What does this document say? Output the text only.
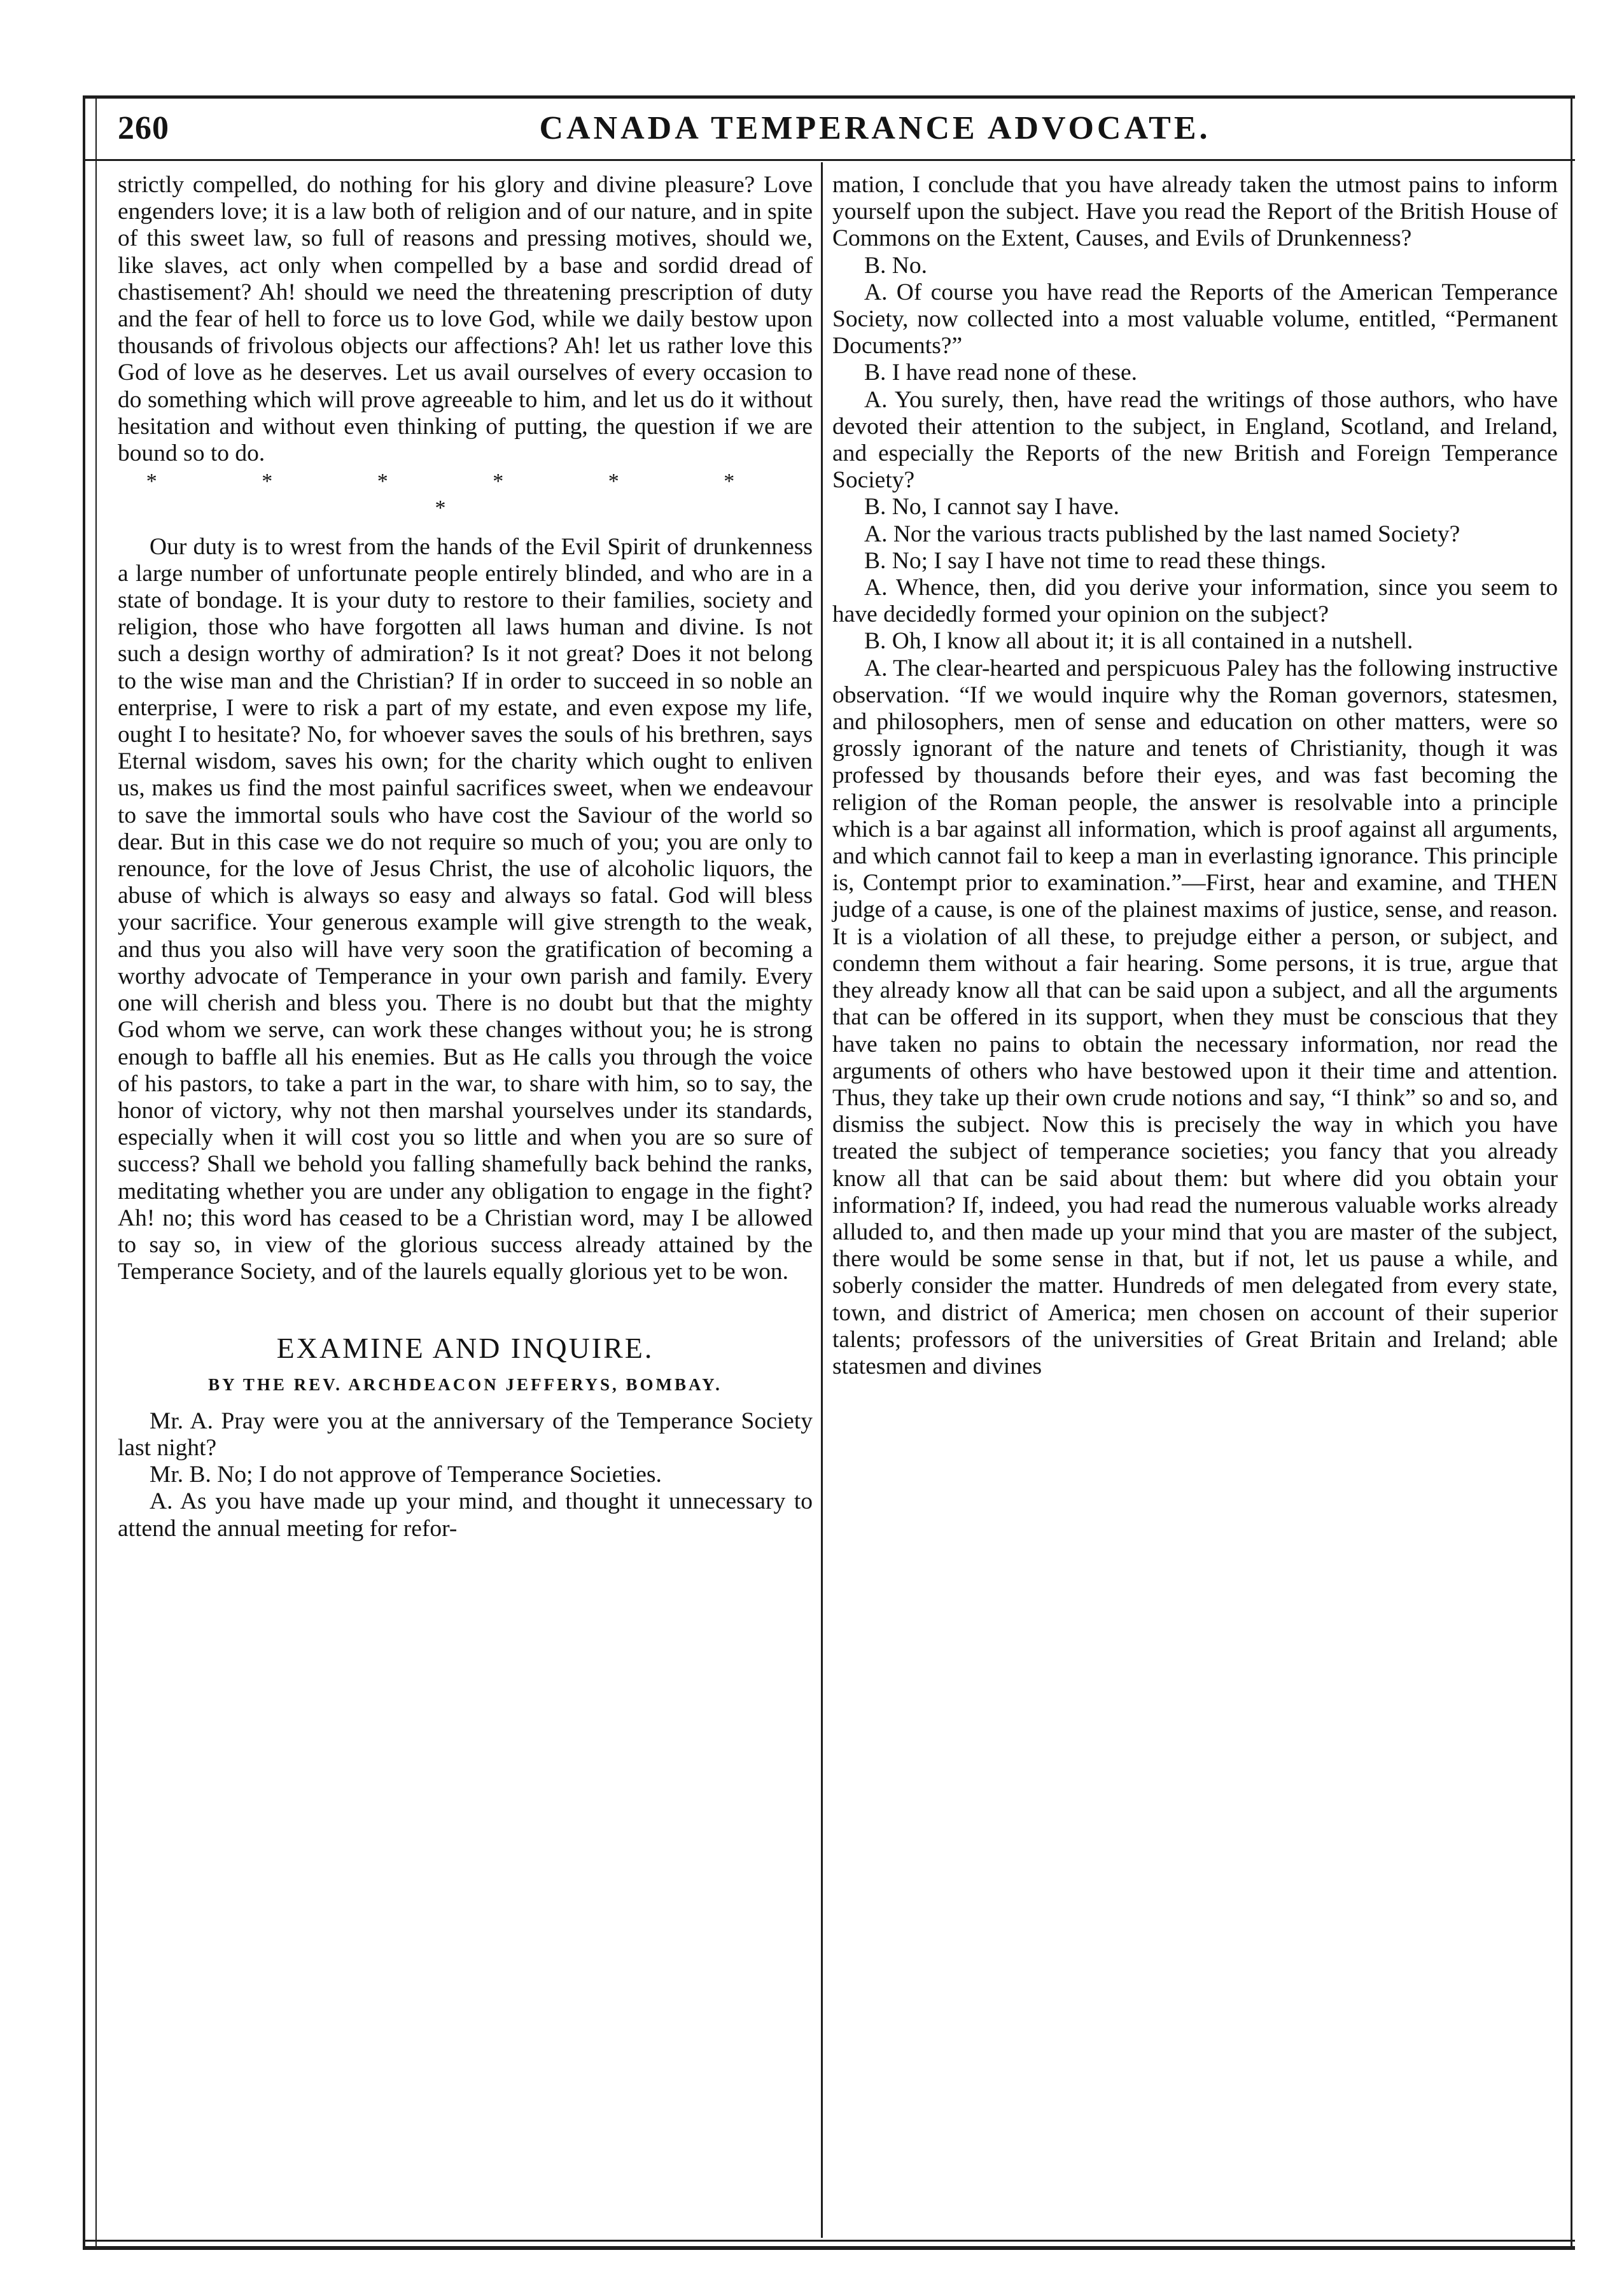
260	CANADA TEMPERANCE ADVOCATE.

strictly compelled, do nothing for his glory and divine pleasure? Love engenders love; it is a law both of religion and of our nature, and in spite of this sweet law, so full of reasons and pressing motives, should we, like slaves, act only when compelled by a base and sordid dread of chastisement? Ah! should we need the threatening prescription of duty and the fear of hell to force us to love God, while we daily bestow upon thousands of frivolous objects our affections? Ah! let us rather love this God of love as he deserves. Let us avail ourselves of every occasion to do something which will prove agreeable to him, and let us do it without hesitation and without even thinking of putting, the question if we are bound so to do.

* * * * * * *

Our duty is to wrest from the hands of the Evil Spirit of drunkenness a large number of unfortunate people entirely blinded, and who are in a state of bondage. It is your duty to restore to their families, society and religion, those who have forgotten all laws human and divine. Is not such a design worthy of admiration? Is it not great? Does it not belong to the wise man and the Christian? If in order to succeed in so noble an enterprise, I were to risk a part of my estate, and even expose my life, ought I to hesitate? No, for whoever saves the souls of his brethren, says Eternal wisdom, saves his own; for the charity which ought to enliven us, makes us find the most painful sacrifices sweet, when we endeavour to save the immortal souls who have cost the Saviour of the world so dear. But in this case we do not require so much of you; you are only to renounce, for the love of Jesus Christ, the use of alcoholic liquors, the abuse of which is always so easy and always so fatal. God will bless your sacrifice. Your generous example will give strength to the weak, and thus you also will have very soon the gratification of becoming a worthy advocate of Temperance in your own parish and family. Every one will cherish and bless you. There is no doubt but that the mighty God whom we serve, can work these changes without you; he is strong enough to baffle all his enemies. But as He calls you through the voice of his pastors, to take a part in the war, to share with him, so to say, the honor of victory, why not then marshal yourselves under its standards, especially when it will cost you so little and when you are so sure of success? Shall we behold you falling shamefully back behind the ranks, meditating whether you are under any obligation to engage in the fight? Ah! no; this word has ceased to be a Christian word, may I be allowed to say so, in view of the glorious success already attained by the Temperance Society, and of the laurels equally glorious yet to be won.

EXAMINE AND INQUIRE.
BY THE REV. ARCHDEACON JEFFERYS, BOMBAY.

Mr. A. Pray were you at the anniversary of the Temperance Society last night?

Mr. B. No; I do not approve of Temperance Societies.

A. As you have made up your mind, and thought it unnecessary to attend the annual meeting for refor-

mation, I conclude that you have already taken the utmost pains to inform yourself upon the subject. Have you read the Report of the British House of Commons on the Extent, Causes, and Evils of Drunkenness?

B. No.

A. Of course you have read the Reports of the American Temperance Society, now collected into a most valuable volume, entitled, “Permanent Documents?”

B. I have read none of these.

A. You surely, then, have read the writings of those authors, who have devoted their attention to the subject, in England, Scotland, and Ireland, and especially the Reports of the new British and Foreign Temperance Society?

B. No, I cannot say I have.

A. Nor the various tracts published by the last named Society?

B. No; I say I have not time to read these things.

A. Whence, then, did you derive your information, since you seem to have decidedly formed your opinion on the subject?

B. Oh, I know all about it; it is all contained in a nutshell.

A. The clear-hearted and perspicuous Paley has the following instructive observation. “If we would inquire why the Roman governors, statesmen, and philosophers, men of sense and education on other matters, were so grossly ignorant of the nature and tenets of Christianity, though it was professed by thousands before their eyes, and was fast becoming the religion of the Roman people, the answer is resolvable into a principle which is a bar against all information, which is proof against all arguments, and which cannot fail to keep a man in everlasting ignorance. This principle is, Contempt prior to examination.”—First, hear and examine, and THEN judge of a cause, is one of the plainest maxims of justice, sense, and reason. It is a violation of all these, to prejudge either a person, or subject, and condemn them without a fair hearing. Some persons, it is true, argue that they already know all that can be said upon a subject, and all the arguments that can be offered in its support, when they must be conscious that they have taken no pains to obtain the necessary information, nor read the arguments of others who have bestowed upon it their time and attention. Thus, they take up their own crude notions and say, “I think” so and so, and dismiss the subject. Now this is precisely the way in which you have treated the subject of temperance societies; you fancy that you already know all that can be said about them: but where did you obtain your information? If, indeed, you had read the numerous valuable works already alluded to, and then made up your mind that you are master of the subject, there would be some sense in that, but if not, let us pause a while, and soberly consider the matter. Hundreds of men delegated from every state, town, and district of America; men chosen on account of their superior talents; professors of the universities of Great Britain and Ireland; able statesmen and divines
